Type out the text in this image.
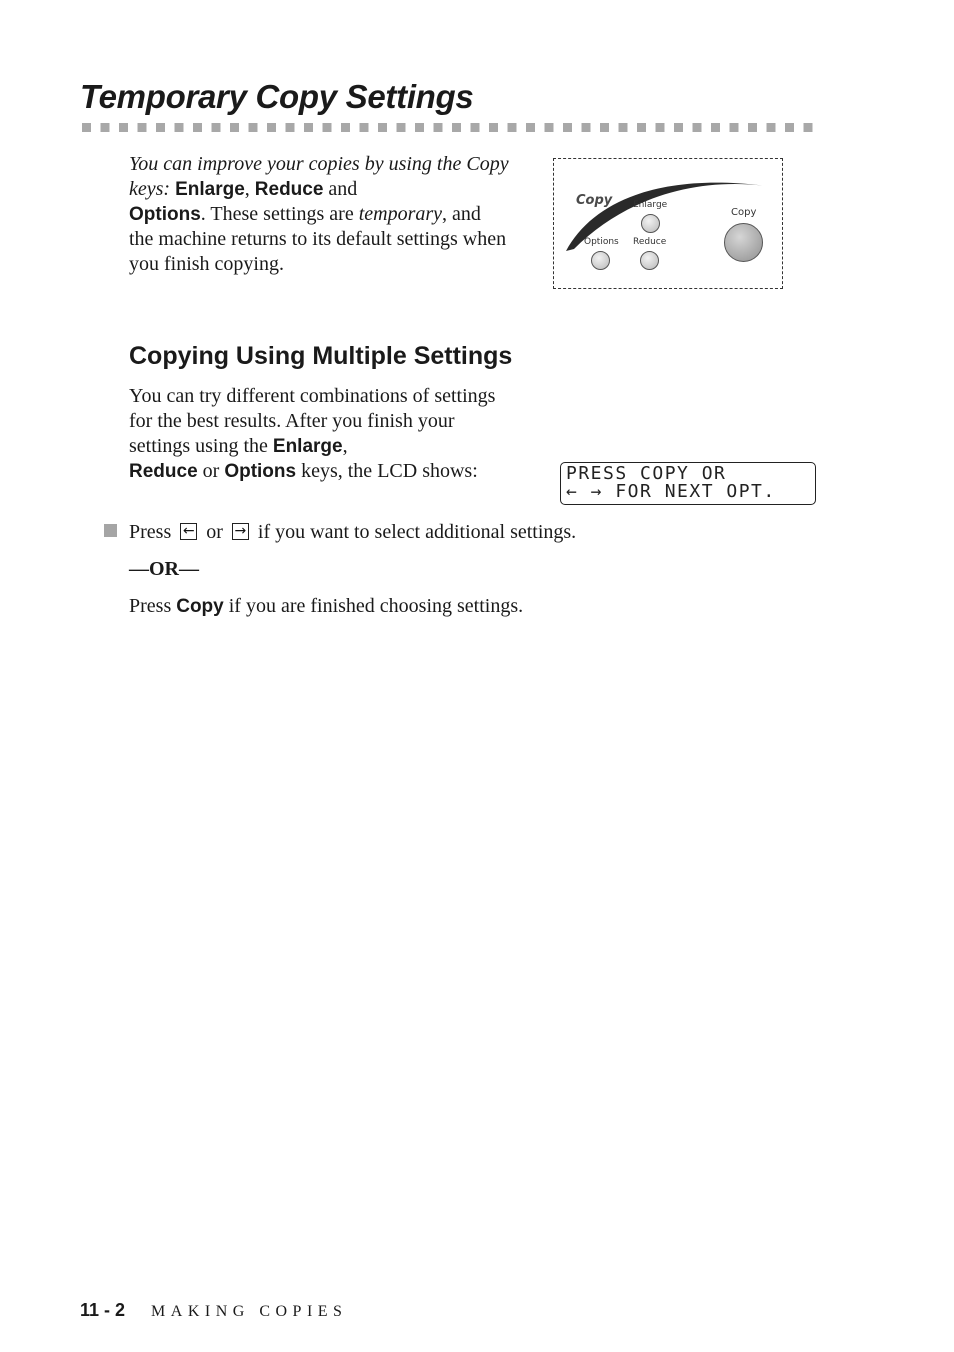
Temporary Copy Settings

You can improve your copies by using the Copy keys: Enlarge, Reduce and
Options. These settings are temporary, and the machine returns to its default settings when you finish copying.

Copy Enlarge
Options Reduce
Copy
Copying Using Multiple Settings

You can try different combinations of settings for the best results. After you finish your settings using the Enlarge,
Reduce or Options keys, the LCD shows:	PRESS COPY OR
← → FOR NEXT OPT.

Press ← or → if you want to select additional settings.

—OR—

Press Copy if you are finished choosing settings.

11 - 2 MAKING COPIES
